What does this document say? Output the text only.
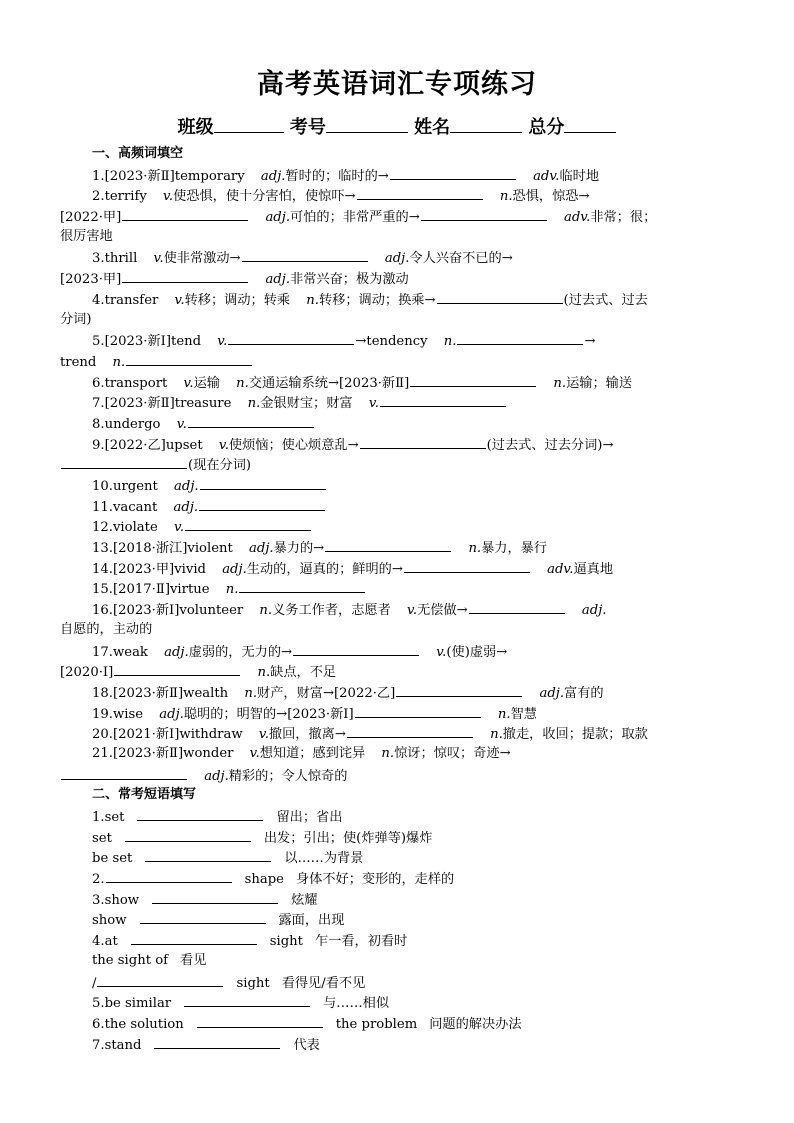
高考英语词汇专项练习
班级	考号	姓名	总分
一、高频词填空
1.[2023·新Ⅱ]temporary adj.暂时的；临时的→	adv.临时地
2.terrify v.使恐惧，使十分害怕，使惊吓→	n.恐惧，惊恐→
[2022·甲]	adj.可怕的；非常严重的→	adv.非常；很；
很厉害地
3.thrill v.使非常激动→	adj.令人兴奋不已的→
[2023·甲]	adj.非常兴奋；极为激动
4.transfer v.转移；调动；转乘 n.转移；调动；换乘→	(过去式、过去
分词)
5.[2023·新Ⅰ]tend v.	→tendency n.	→
trend n.
6.transport v.运输 n.交通运输系统→[2023·新Ⅱ]	n.运输；输送
7.[2023·新Ⅱ]treasure n.金银财宝；财富 v.
8.undergo v.
9.[2022·乙]upset v.使烦恼；使心烦意乱→	(过去式、过去分词)→
(现在分词)
10.urgent adj.
11.vacant adj.
12.violate v.
13.[2018·浙江]violent adj.暴力的→	n.暴力，暴行
14.[2023·甲]vivid adj.生动的，逼真的；鲜明的→	adv.逼真地
15.[2017·Ⅱ]virtue n.
16.[2023·新Ⅰ]volunteer n.义务工作者，志愿者 v.无偿做→	adj.
自愿的，主动的
17.weak adj.虚弱的，无力的→	v.(使)虚弱→
[2020·Ⅰ]	n.缺点，不足
18.[2023·新Ⅱ]wealth n.财产，财富→[2022·乙]	adj.富有的
19.wise adj.聪明的；明智的→[2023·新Ⅰ]	n.智慧
20.[2021·新Ⅰ]withdraw v.撤回，撤离→	n.撤走，收回；提款；取款
21.[2023·新Ⅱ]wonder v.想知道；感到诧异 n.惊讶；惊叹；奇迹→
adj.精彩的；令人惊奇的
二、常考短语填写
1.set	留出；省出
set	出发；引出；使(炸弹等)爆炸
be set	以……为背景
2.	shape 身体不好；变形的，走样的
3.show	炫耀
show	露面，出现
4.at	sight 乍一看，初看时
the sight of 看见
/	sight 看得见/看不见
5.be similar	与……相似
6.the solution	the problem 问题的解决办法
7.stand	代表
